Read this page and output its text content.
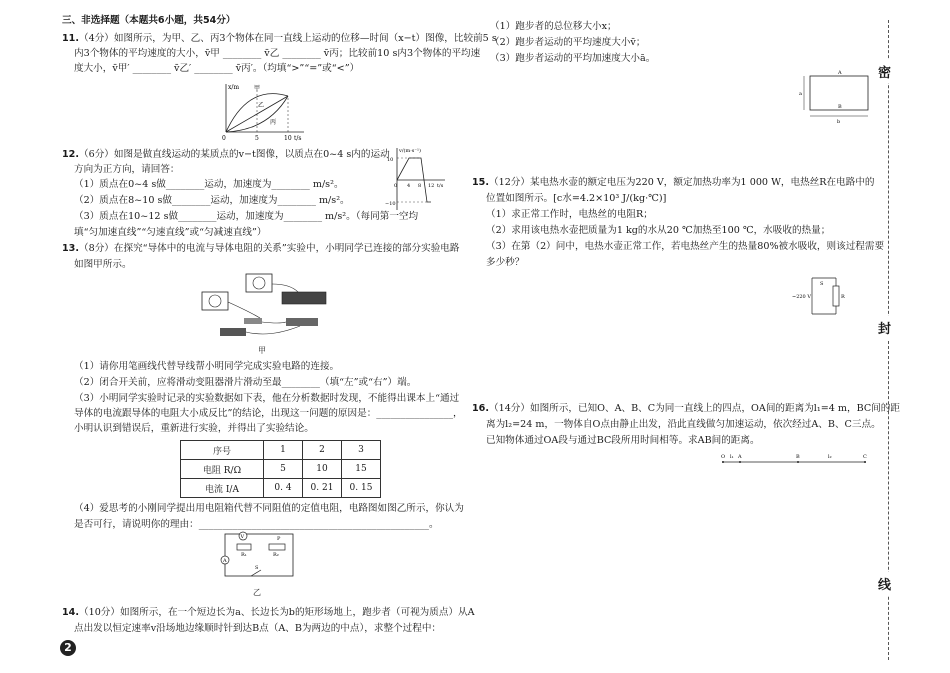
三、非选择题（本题共6小题，共54分）
11.（4分）如图所示，为甲、乙、丙3个物体在同一直线上运动的位移—时间（x−t）图像，比较前5 s
内3个物体的平均速度的大小，v̄甲 ________ v̄乙 ________ v̄丙；比较前10 s内3个物体的平均速
度大小，v̄甲′ ________ v̄乙′ ________ v̄丙′。（均填“>”“=”或“<”）
x/m
t/s
0	5	10
甲
乙
丙
12.（6分）如图是做直线运动的某质点的v−t图像，以质点在0~4 s内的运动
方向为正方向，请回答：
（1）质点在0~4 s做________运动，加速度为________ m/s²。
（2）质点在8~10 s做________运动，加速度为________ m/s²。
（3）质点在10~12 s做________运动，加速度为________ m/s²。（每同第一空均
填“匀加速直线”“匀速直线”或“匀减速直线”）
v/(m·s⁻¹)
10
−10
0 4 8 12 t/s
13.（8分）在探究“导体中的电流与导体电阻的关系”实验中，小明同学已连接的部分实验电路
如图甲所示。
甲
（1）请你用笔画线代替导线帮小明同学完成实验电路的连接。
（2）闭合开关前，应将滑动变阻器滑片滑动至最________（填“左”或“右”）端。
（3）小明同学实验时记录的实验数据如下表，他在分析数据时发现，不能得出课本上“通过
导体的电流跟导体的电阻大小成反比”的结论，出现这一问题的原因是：________________，
小明认识到错误后，重新进行实验，并得出了实验结论。
序号	1	2	3
电阻 R/Ω	5	10	15
电流 I/A	0. 4	0. 21	0. 15
（4）爱思考的小刚同学提出用电阻箱代替不同阻值的定值电阻，电路图如图乙所示，你认为
是否可行，请说明你的理由：________________________________________________。
V
A
R₁	R₂
P
S
乙
14.（10分）如图所示，在一个短边长为a、长边长为b的矩形场地上，跑步者（可视为质点）从A
点出发以恒定速率v沿场地边缘顺时针到达B点（A、B为两边的中点），求整个过程中：
2
（1）跑步者的总位移大小x；
（2）跑步者运动的平均速度大小v̄；
（3）跑步者运动的平均加速度大小ā。
A
B
a
b
15.（12分）某电热水壶的额定电压为220 V，额定加热功率为1 000 W，电热丝R在电路中的
位置如图所示。[c水=4.2×10³ J/(kg·℃)]
（1）求正常工作时，电热丝的电阻R；
（2）求用该电热水壶把质量为1 kg的水从20 ℃加热至100 ℃，水吸收的热量；
（3）在第（2）问中，电热水壶正常工作，若电热丝产生的热量80%被水吸收，则该过程需要
多少秒？
R
~220 V
S
16.（14分）如图所示，已知O、A、B、C为同一直线上的四点，OA间的距离为l₁=4 m，BC间的距
离为l₂=24 m，一物体自O点由静止出发，沿此直线做匀加速运动，依次经过A、B、C三点。
已知物体通过OA段与通过BC段所用时间相等。求AB间的距离。
O l₁ A	B	l₂	C
密
封
线
